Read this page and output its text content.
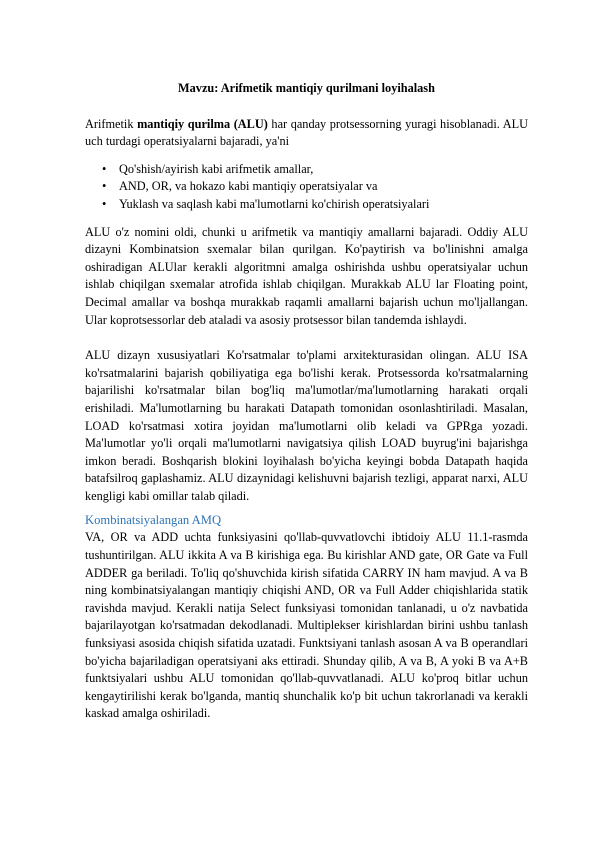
Mavzu: Arifmetik mantiqiy qurilmani loyihalash

Arifmetik mantiqiy qurilma (ALU) har qanday protsessorning yuragi hisoblanadi. ALU uch turdagi operatsiyalarni bajaradi, ya'ni

• Qo'shish/ayirish kabi arifmetik amallar,
• AND, OR, va hokazo kabi mantiqiy operatsiyalar va
• Yuklash va saqlash kabi ma'lumotlarni ko'chirish operatsiyalari

ALU o'z nomini oldi, chunki u arifmetik va mantiqiy amallarni bajaradi. Oddiy ALU dizayni Kombinatsion sxemalar bilan qurilgan. Ko'paytirish va bo'linishni amalga oshiradigan ALUlar kerakli algoritmni amalga oshirishda ushbu operatsiyalar uchun ishlab chiqilgan sxemalar atrofida ishlab chiqilgan. Murakkab ALU lar Floating point, Decimal amallar va boshqa murakkab raqamli amallarni bajarish uchun mo'ljallangan. Ular koprotsessorlar deb ataladi va asosiy protsessor bilan tandemda ishlaydi.

ALU dizayn xususiyatlari Ko'rsatmalar to'plami arxitekturasidan olingan. ALU ISA ko'rsatmalarini bajarish qobiliyatiga ega bo'lishi kerak. Protsessorda ko'rsatmalarning bajarilishi ko'rsatmalar bilan bog'liq ma'lumotlar/ma'lumotlarning harakati orqali erishiladi. Ma'lumotlarning bu harakati Datapath tomonidan osonlashtiriladi. Masalan, LOAD ko'rsatmasi xotira joyidan ma'lumotlarni olib keladi va GPRga yozadi. Ma'lumotlar yo'li orqali ma'lumotlarni navigatsiya qilish LOAD buyrug'ini bajarishga imkon beradi. Boshqarish blokini loyihalash bo'yicha keyingi bobda Datapath haqida batafsilroq gaplashamiz. ALU dizaynidagi kelishuvni bajarish tezligi, apparat narxi, ALU kengligi kabi omillar talab qiladi.

Kombinatsiyalangan AMQ

VA, OR va ADD uchta funksiyasini qo'llab-quvvatlovchi ibtidoiy ALU 11.1-rasmda tushuntirilgan. ALU ikkita A va B kirishiga ega. Bu kirishlar AND gate, OR Gate va Full ADDER ga beriladi. To'liq qo'shuvchida kirish sifatida CARRY IN ham mavjud. A va B ning kombinatsiyalangan mantiqiy chiqishi AND, OR va Full Adder chiqishlarida statik ravishda mavjud. Kerakli natija Select funksiyasi tomonidan tanlanadi, u o'z navbatida bajarilayotgan ko'rsatmadan dekodlanadi. Multiplekser kirishlardan birini ushbu tanlash funksiyasi asosida chiqish sifatida uzatadi. Funktsiyani tanlash asosan A va B operandlari bo'yicha bajariladigan operatsiyani aks ettiradi. Shunday qilib, A va B, A yoki B va A+B funktsiyalari ushbu ALU tomonidan qo'llab-quvvatlanadi. ALU ko'proq bitlar uchun kengaytirilishi kerak bo'lganda, mantiq shunchalik ko'p bit uchun takrorlanadi va kerakli kaskad amalga oshiriladi.
